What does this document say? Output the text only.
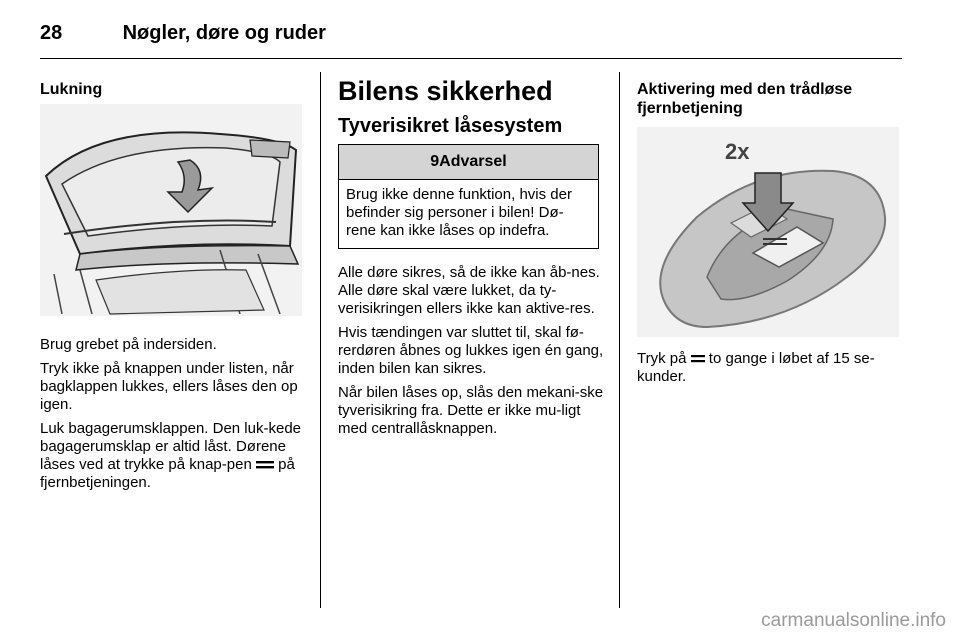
28	Nøgler, døre og ruder
Lukning

Brug grebet på indersiden.

Tryk ikke på knappen under listen, når bagklappen lukkes, ellers låses den op igen.

Luk bagagerumsklappen. Den luk-kede bagagerumsklap er altid låst. Dørene låses ved at trykke på knap-pen på fjernbetjeningen.

Bilens sikkerhed
Tyverisikret låsesystem
9 Advarsel
Brug ikke denne funktion, hvis der befinder sig personer i bilen! Dø-rene kan ikke låses op indefra.

Alle døre sikres, så de ikke kan åb-nes. Alle døre skal være lukket, da ty-verisikringen ellers ikke kan aktive-res.

Hvis tændingen var sluttet til, skal fø-rerdøren åbnes og lukkes igen én gang, inden bilen kan sikres.

Når bilen låses op, slås den mekani-ske tyverisikring fra. Dette er ikke mu-ligt med centrallåsknappen.

Aktivering med den trådløse fjernbetjening
2x

Tryk på to gange i løbet af 15 se-kunder.

carmanualsonline.info
